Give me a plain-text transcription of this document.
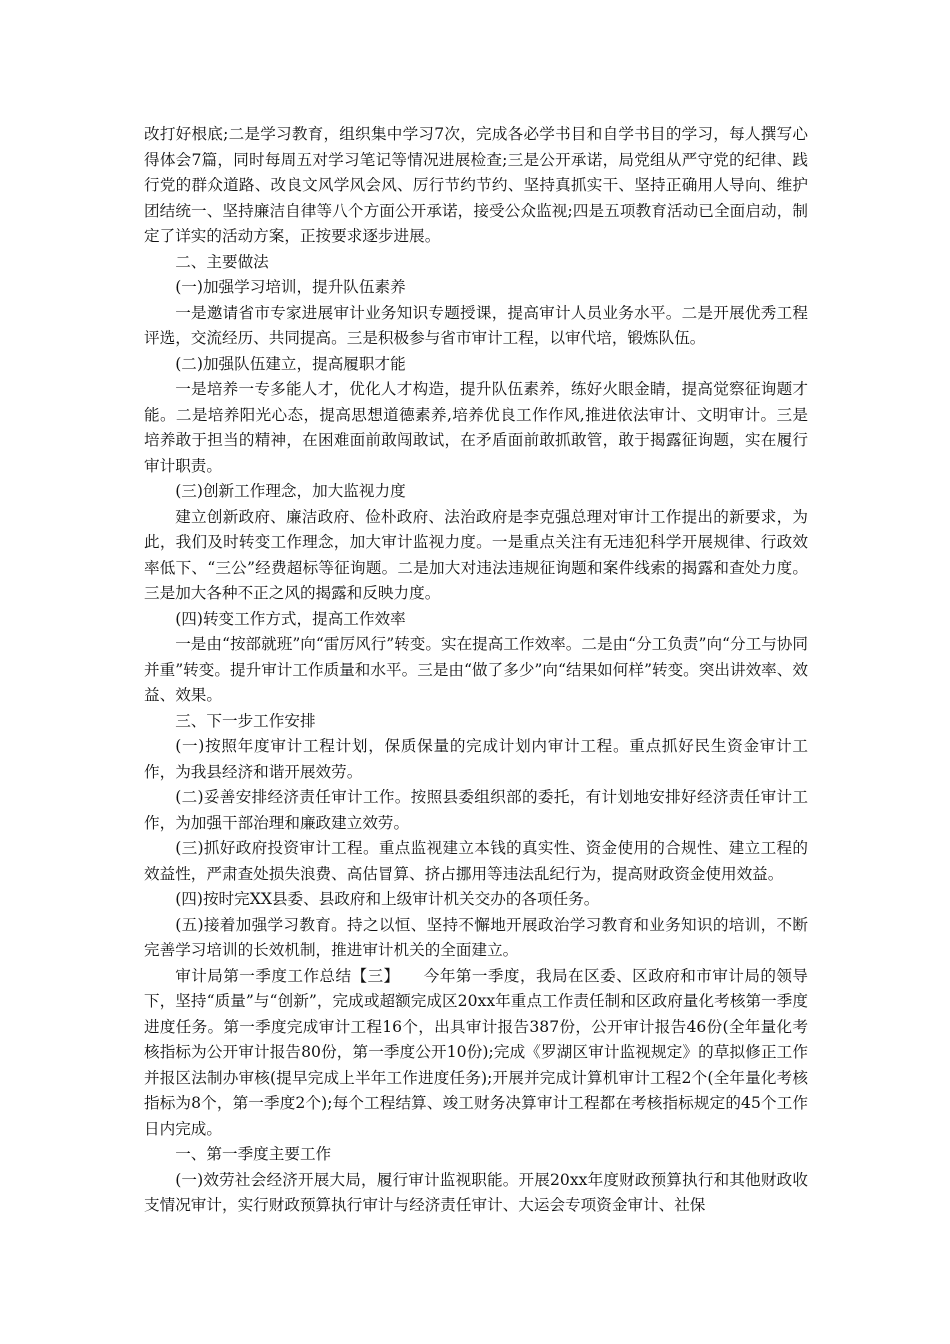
改打好根底;二是学习教育，组织集中学习7次，完成各必学书目和自学书目的学习，每人撰写心得体会7篇，同时每周五对学习笔记等情况进展检查;三是公开承诺，局党组从严守党的纪律、践行党的群众道路、改良文风学风会风、厉行节约节约、坚持真抓实干、坚持正确用人导向、维护团结统一、坚持廉洁自律等八个方面公开承诺，接受公众监视;四是五项教育活动已全面启动，制定了详实的活动方案，正按要求逐步进展。

二、主要做法

(一)加强学习培训，提升队伍素养

一是邀请省市专家进展审计业务知识专题授课，提高审计人员业务水平。二是开展优秀工程评选，交流经历、共同提高。三是积极参与省市审计工程，以审代培，锻炼队伍。

(二)加强队伍建立，提高履职才能

一是培养一专多能人才，优化人才构造，提升队伍素养，练好火眼金睛，提高觉察征询题才能。二是培养阳光心态，提高思想道德素养,培养优良工作作风,推进依法审计、文明审计。三是培养敢于担当的精神，在困难面前敢闯敢试，在矛盾面前敢抓敢管，敢于揭露征询题，实在履行审计职责。

(三)创新工作理念，加大监视力度

建立创新政府、廉洁政府、俭朴政府、法治政府是李克强总理对审计工作提出的新要求，为此，我们及时转变工作理念，加大审计监视力度。一是重点关注有无违犯科学开展规律、行政效率低下、“三公”经费超标等征询题。二是加大对违法违规征询题和案件线索的揭露和查处力度。三是加大各种不正之风的揭露和反映力度。

(四)转变工作方式，提高工作效率

一是由“按部就班”向“雷厉风行”转变。实在提高工作效率。二是由“分工负责”向“分工与协同并重”转变。提升审计工作质量和水平。三是由“做了多少”向“结果如何样”转变。突出讲效率、效益、效果。

三、下一步工作安排

(一)按照年度审计工程计划，保质保量的完成计划内审计工程。重点抓好民生资金审计工作，为我县经济和谐开展效劳。

(二)妥善安排经济责任审计工作。按照县委组织部的委托，有计划地安排好经济责任审计工作，为加强干部治理和廉政建立效劳。

(三)抓好政府投资审计工程。重点监视建立本钱的真实性、资金使用的合规性、建立工程的效益性，严肃查处损失浪费、高估冒算、挤占挪用等违法乱纪行为，提高财政资金使用效益。

(四)按时完XX县委、县政府和上级审计机关交办的各项任务。

(五)接着加强学习教育。持之以恒、坚持不懈地开展政治学习教育和业务知识的培训，不断完善学习培训的长效机制，推进审计机关的全面建立。

审计局第一季度工作总结【三】　　今年第一季度，我局在区委、区政府和市审计局的领导下，坚持“质量”与“创新”，完成或超额完成区20xx年重点工作责任制和区政府量化考核第一季度进度任务。第一季度完成审计工程16个，出具审计报告387份，公开审计报告46份(全年量化考核指标为公开审计报告80份，第一季度公开10份);完成《罗湖区审计监视规定》的草拟修正工作并报区法制办审核(提早完成上半年工作进度任务);开展并完成计算机审计工程2个(全年量化考核指标为8个，第一季度2个);每个工程结算、竣工财务决算审计工程都在考核指标规定的45个工作日内完成。

一、第一季度主要工作

(一)效劳社会经济开展大局，履行审计监视职能。开展20xx年度财政预算执行和其他财政收支情况审计，实行财政预算执行审计与经济责任审计、大运会专项资金审计、社保
